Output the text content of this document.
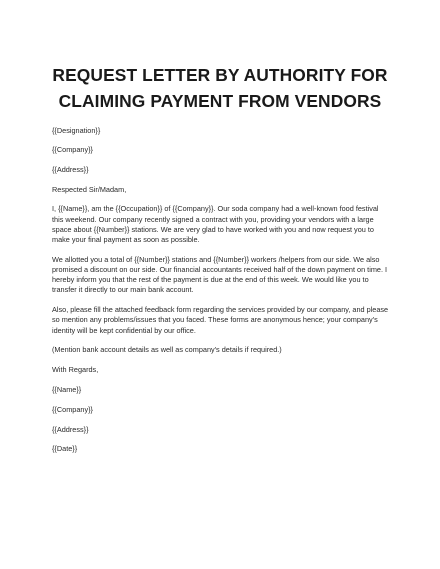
REQUEST LETTER BY AUTHORITY FOR
CLAIMING PAYMENT FROM VENDORS
{{Designation}}
{{Company}}
{{Address}}
Respected Sir/Madam,
I, {{Name}}, am the {{Occupation}} of {{Company}}. Our soda company had a well-known food festival
this weekend. Our company recently signed a contract with you, providing your vendors with a large
space about {{Number}} stations. We are very glad to have worked with you and now request you to
make your final payment as soon as possible.
We allotted you a total of {{Number}} stations and {{Number}} workers /helpers from our side. We also
promised a discount on our side. Our financial accountants received half of the down payment on time. I
hereby inform you that the rest of the payment is due at the end of this week. We would like you to
transfer it directly to our main bank account.
Also, please fill the attached feedback form regarding the services provided by our company, and please
so mention any problems/issues that you faced. These forms are anonymous hence; your company's
identity will be kept confidential by our office.
(Mention bank account details as well as company's details if required.)
With Regards,
{{Name}}
{{Company}}
{{Address}}
{{Date}}
